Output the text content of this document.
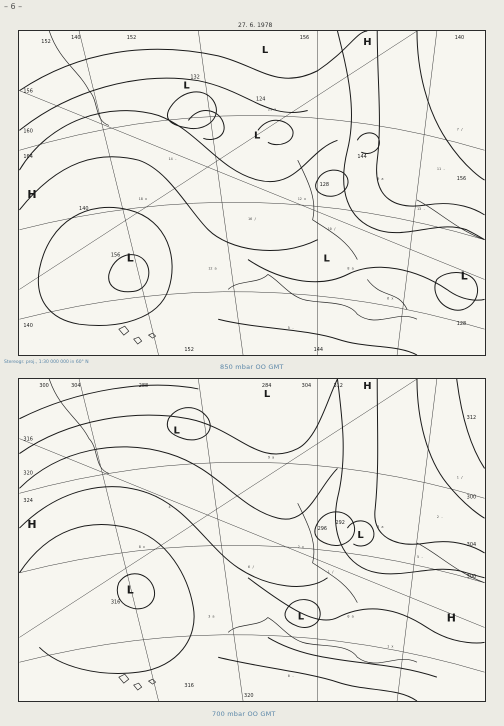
– 6 –
27. 6. 1978
21 a
14 -
12 x
10 /
9 a
13 -
8 a
6 x
11 -
16 /
12 a
5 -
18 x
7 /
H
H
L
L
L
L	L
L
152
140
156
160
164
156
140
132
152	156	140
144
156
128
124
128
152	144
140
Stereogr. proj., 1:30 000 000 in 60° N
850 mbar OO GMT
9 a
4 -
2 x
1 /
3 a
5 -
0 a
1 x
2 -
6 /
3 a
0 -
8 x
1 /
H
H
H
L
L
L
L
L
300	304	288	284	304	312
316
320
324
316
296
292
300
304
312
300
320
316
700 mbar OO GMT
